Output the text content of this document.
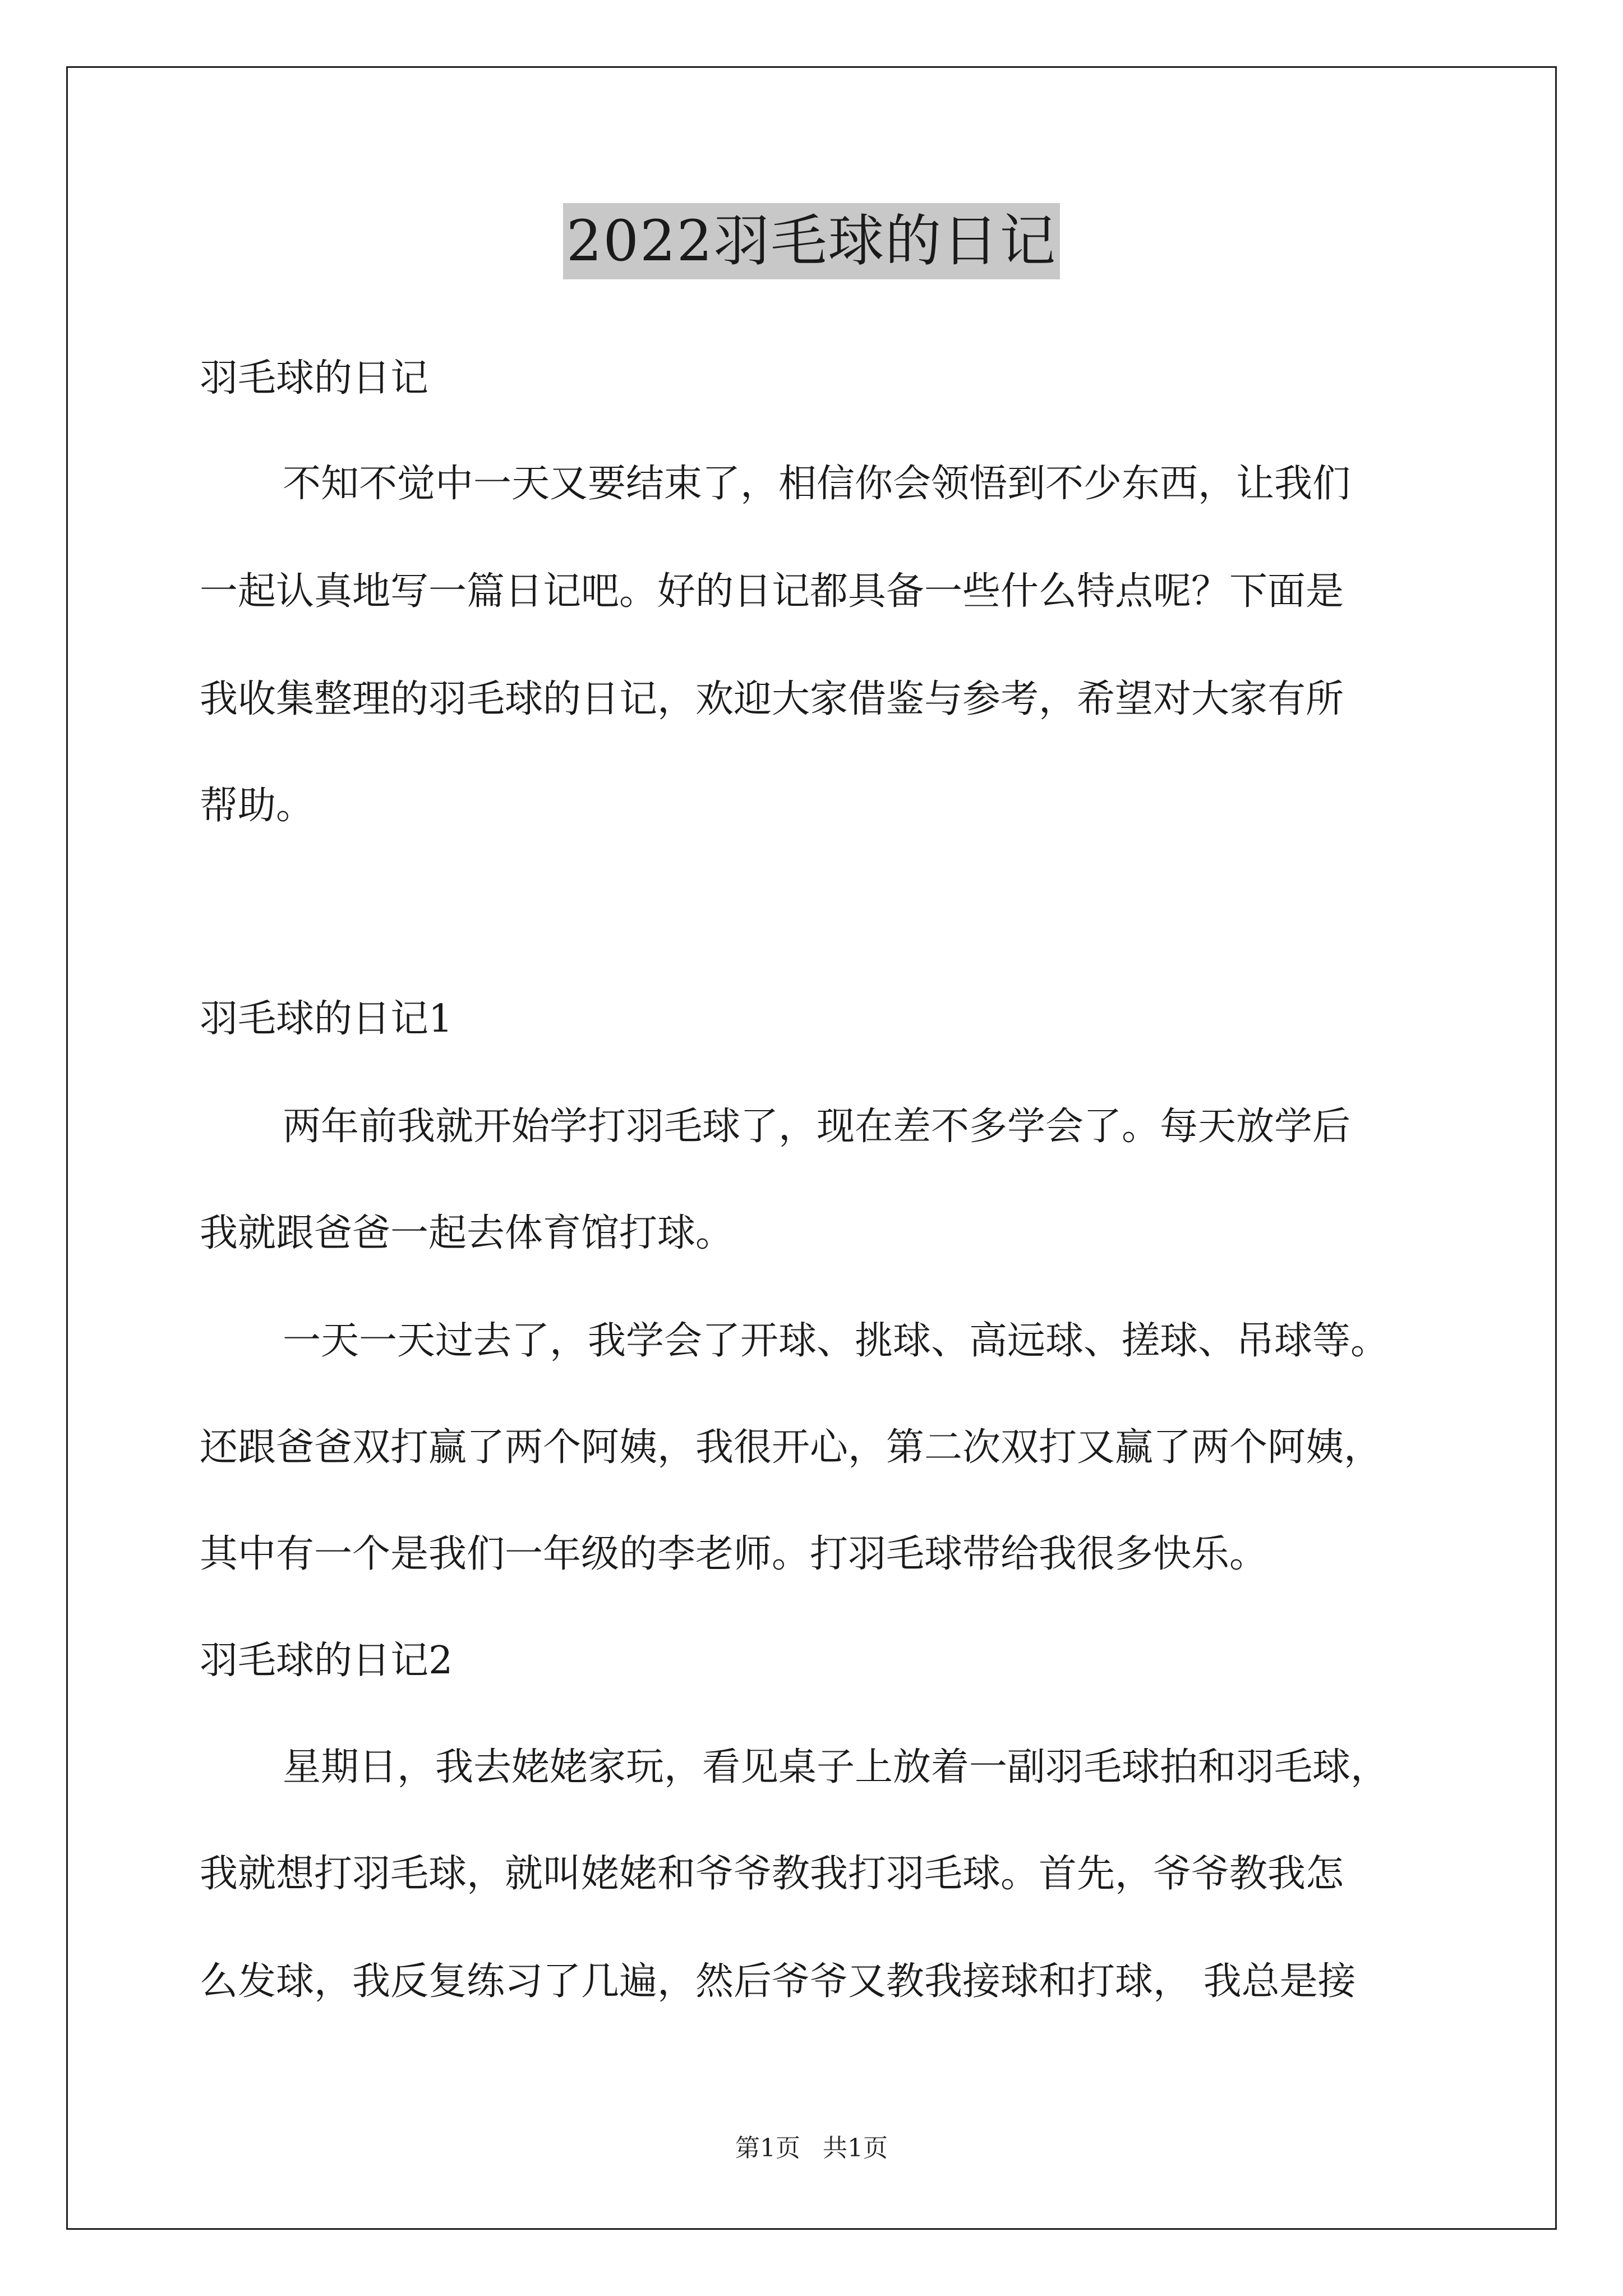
2022羽毛球的日记
羽毛球的日记
不知不觉中一天又要结束了，相信你会领悟到不少东西，让我们
一起认真地写一篇日记吧。好的日记都具备一些什么特点呢？下面是
我收集整理的羽毛球的日记，欢迎大家借鉴与参考，希望对大家有所
帮助。
羽毛球的日记1
两年前我就开始学打羽毛球了，现在差不多学会了。每天放学后
我就跟爸爸一起去体育馆打球。
一天一天过去了，我学会了开球、挑球、高远球、搓球、吊球等。
还跟爸爸双打赢了两个阿姨，我很开心，第二次双打又赢了两个阿姨，
其中有一个是我们一年级的李老师。打羽毛球带给我很多快乐。
羽毛球的日记2
星期日，我去姥姥家玩，看见桌子上放着一副羽毛球拍和羽毛球，
我就想打羽毛球，就叫姥姥和爷爷教我打羽毛球。首先，爷爷教我怎
么发球，我反复练习了几遍，然后爷爷又教我接球和打球， 我总是接
第1页 共1页
